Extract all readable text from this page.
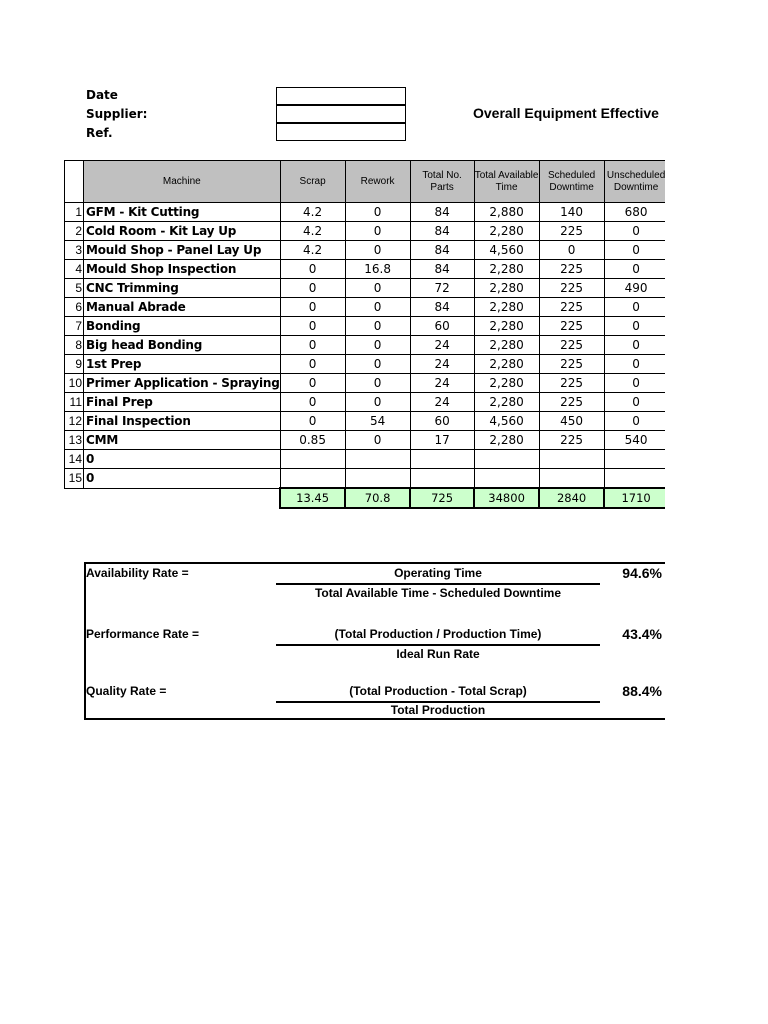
Date
Supplier:
Ref.
Overall Equipment Effective
	Machine	Scrap	Rework	Total No. Parts	Total Available Time	Scheduled Downtime	Unscheduled Downtime
1	GFM - Kit Cutting	4.2	0	84	2,880	140	680
2	Cold Room - Kit Lay Up	4.2	0	84	2,280	225	0
3	Mould Shop - Panel Lay Up	4.2	0	84	4,560	0	0
4	Mould Shop Inspection	0	16.8	84	2,280	225	0
5	CNC Trimming	0	0	72	2,280	225	490
6	Manual Abrade	0	0	84	2,280	225	0
7	Bonding	0	0	60	2,280	225	0
8	Big head Bonding	0	0	24	2,280	225	0
9	1st Prep	0	0	24	2,280	225	0
10	Primer Application - Spraying	0	0	24	2,280	225	0
11	Final Prep	0	0	24	2,280	225	0
12	Final Inspection	0	54	60	4,560	450	0
13	CMM	0.85	0	17	2,280	225	540
14	0						
15	0						
		13.45	70.8	725	34800	2840	1710
Availability Rate =	Operating Time
Total Available Time - Scheduled Downtime
94.6%
Performance Rate =	(Total Production / Production Time)
Ideal Run Rate
43.4%
Quality Rate =	(Total Production - Total Scrap)
Total Production
88.4%
